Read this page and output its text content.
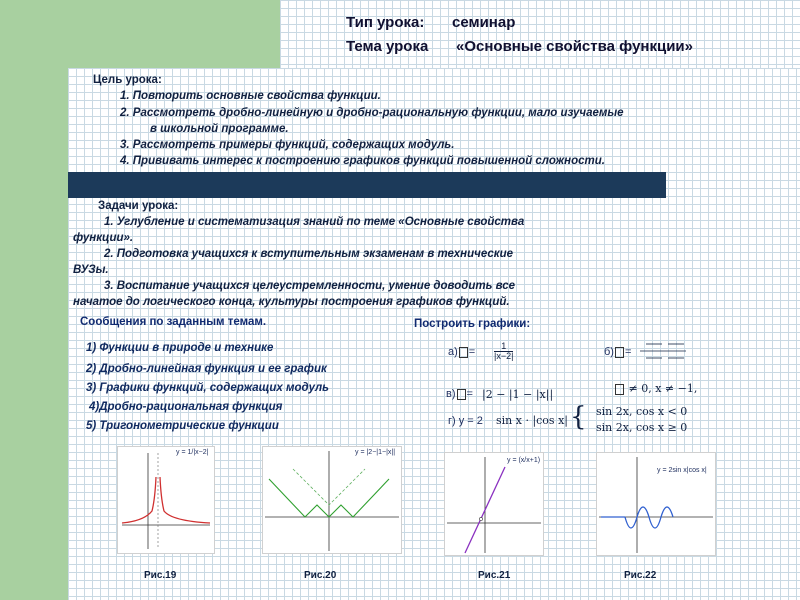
Тип урока: семинар
Тема урока «Основные свойства функции»
Цель урока:
1. Повторить основные свойства функции.
2. Рассмотреть дробно-линейную и дробно-рациональную функции, мало изучаемые
в школьной программе.
3. Рассмотреть примеры функций, содержащих модуль.
4. Прививать интерес к построению графиков функций повышенной сложности.
Задачи урока:
1. Углубление и систематизация знаний по теме «Основные свойства
функции».
2. Подготовка учащихся к вступительным экзаменам в технические
ВУЗы.
3. Воспитание учащихся целеустремленности, умение доводить все
начатое до логического конца, культуры построения графиков функций.
Сообщения по заданным темам.
1) Функции в природе и технике
2) Дробно-линейная функция и ее график
3) Графики функций, содержащих модуль
4)Дробно-рациональная функция
5) Тригонометрические функции
Построить графики:
$а) = \frac{1}{|x-2|}$	б) =
в) = |2 − |1 − |x||	≠ 0, x ≠ −1,
г) y = 2 sin x · |cos x| { sin 2x, cos x < 0
sin 2x, cos x ≥ 0
y = 1/|x−2|
Рис.19
y = |2−|1−|x||
Рис.20
y = (x/x+1)
Рис.21
y = 2sin x|cos x|
Рис.22
